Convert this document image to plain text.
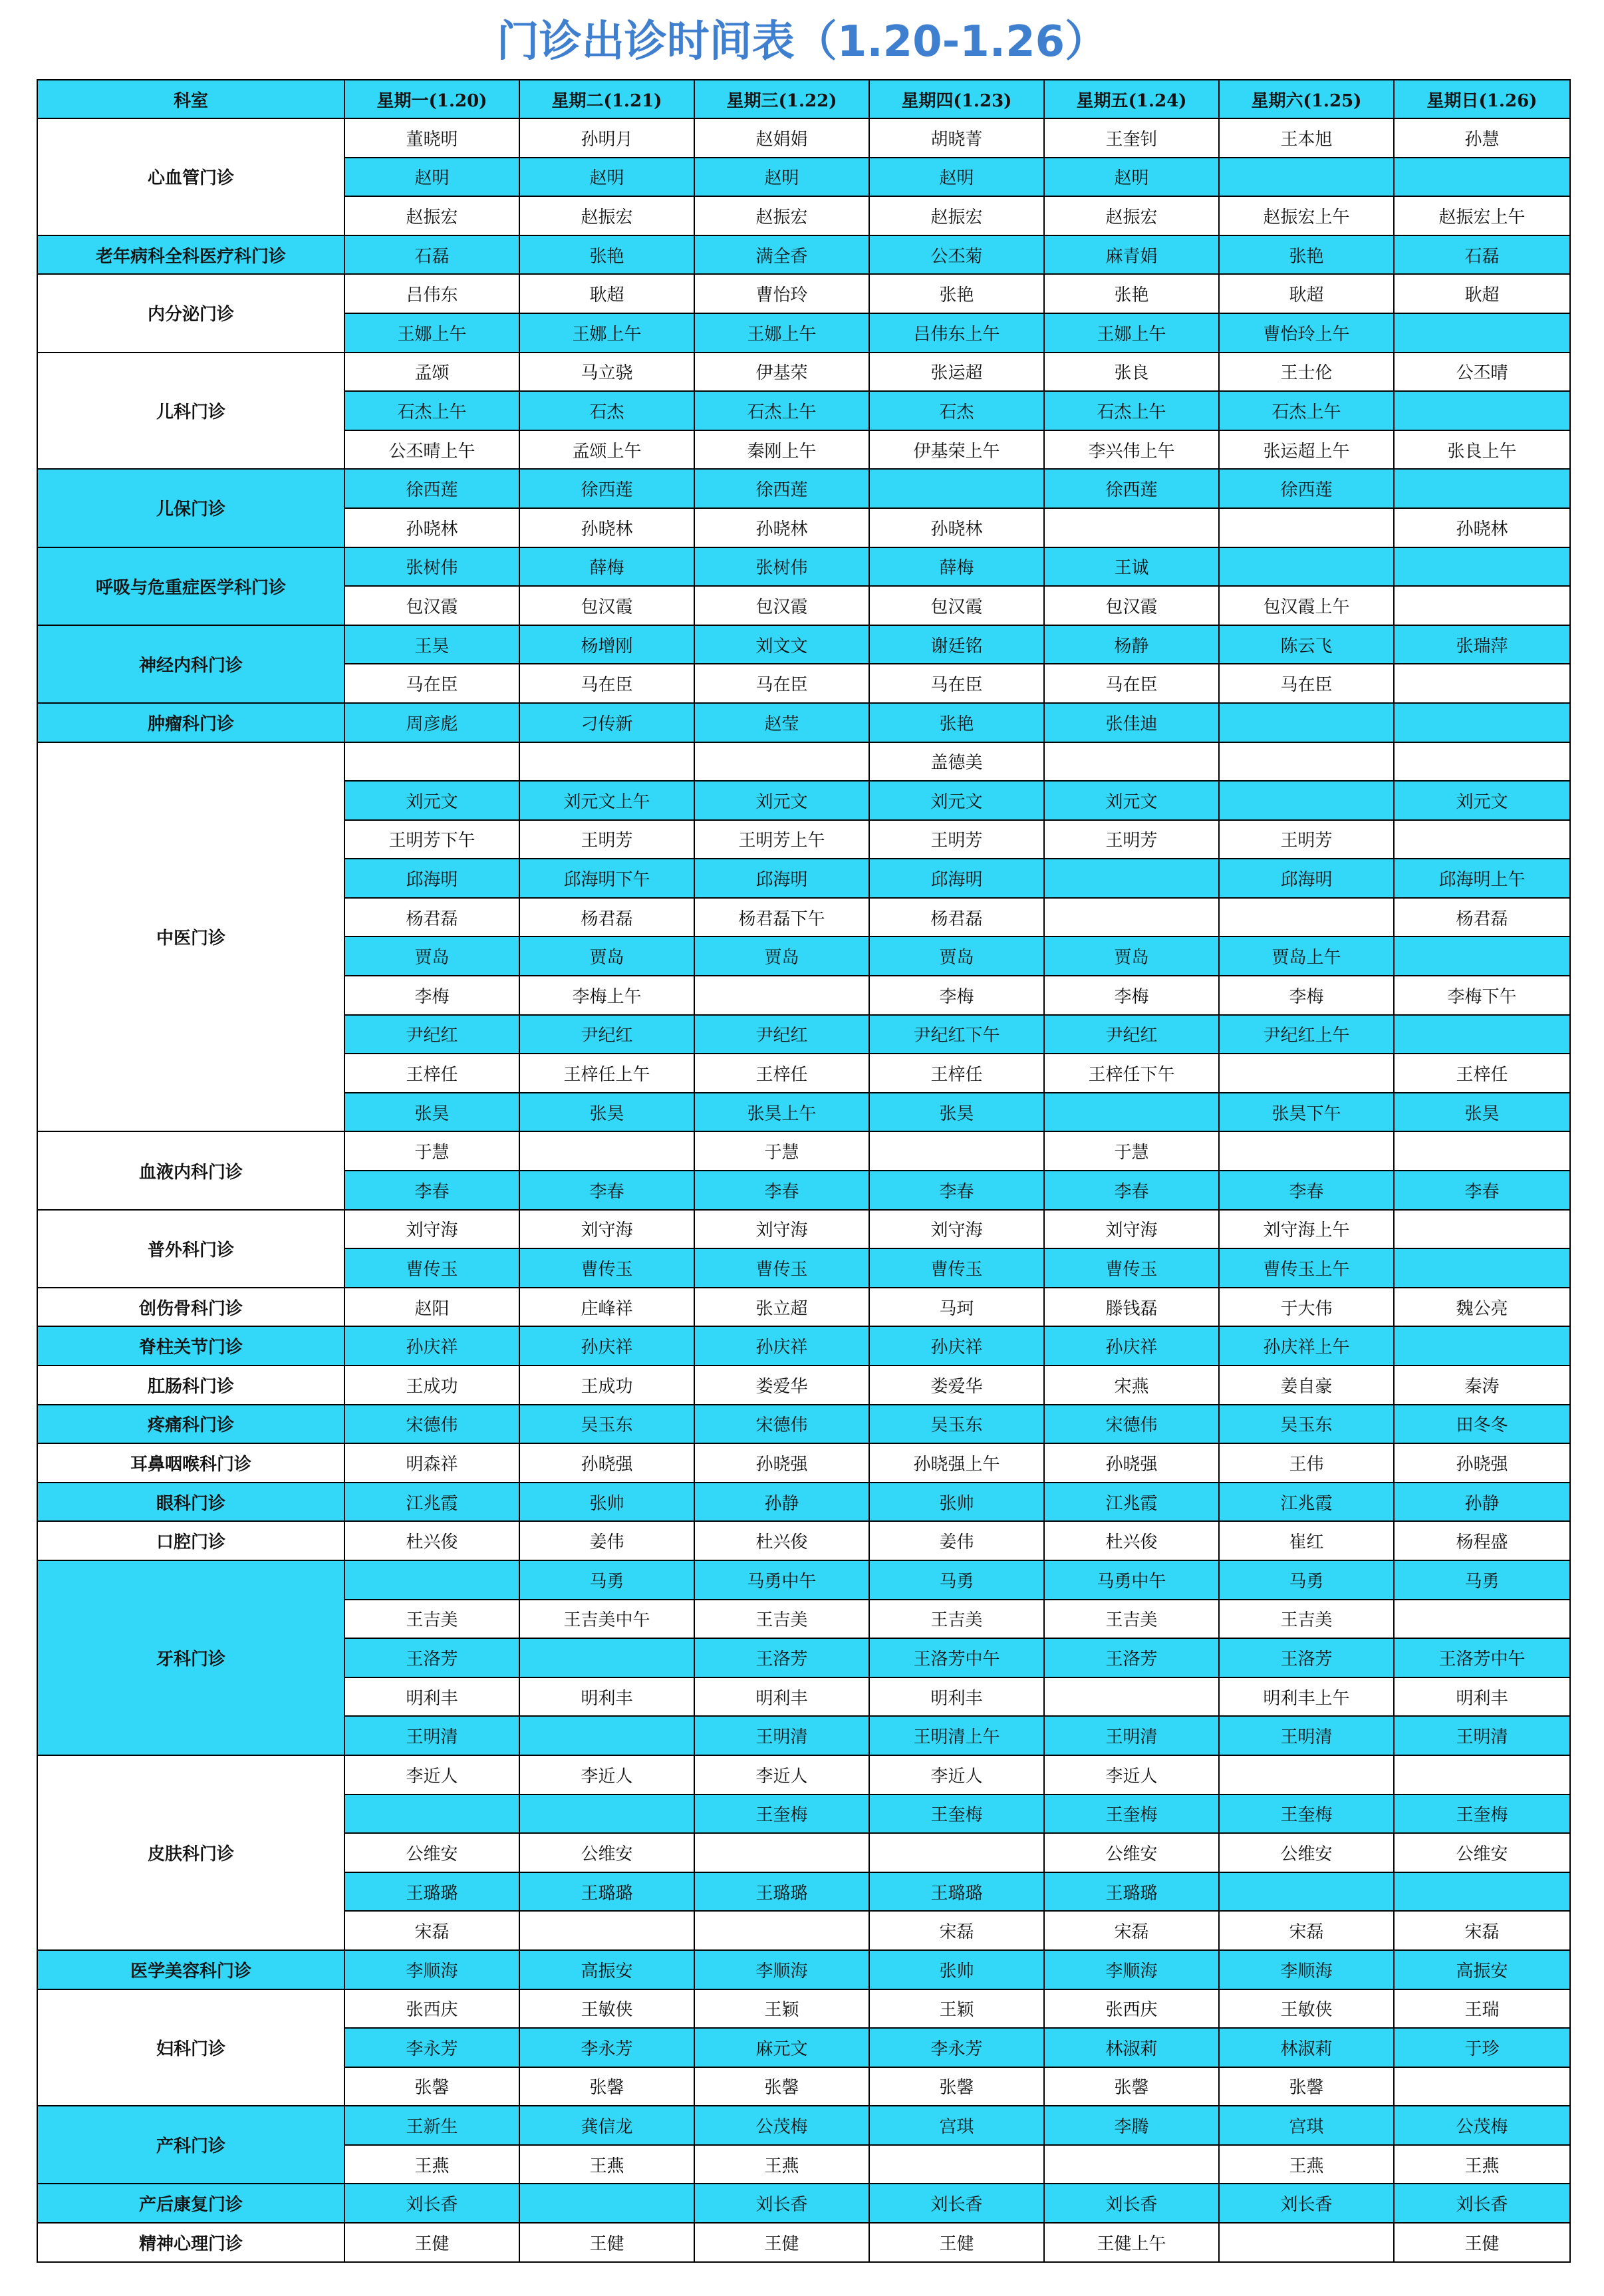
门诊出诊时间表（1.20-1.26）
科室	星期一(1.20)	星期二(1.21)	星期三(1.22)	星期四(1.23)	星期五(1.24)	星期六(1.25)	星期日(1.26)
心血管门诊	董晓明	孙明月	赵娟娟	胡晓菁	王奎钊	王本旭	孙慧
	赵明	赵明	赵明	赵明	赵明		
	赵振宏	赵振宏	赵振宏	赵振宏	赵振宏	赵振宏上午	赵振宏上午
老年病科全科医疗科门诊	石磊	张艳	满全香	公丕菊	麻青娟	张艳	石磊
内分泌门诊	吕伟东	耿超	曹怡玲	张艳	张艳	耿超	耿超
	王娜上午	王娜上午	王娜上午	吕伟东上午	王娜上午	曹怡玲上午	
儿科门诊	孟颂	马立骁	伊基荣	张运超	张良	王士伦	公丕晴
	石杰上午	石杰	石杰上午	石杰	石杰上午	石杰上午	
	公丕晴上午	孟颂上午	秦刚上午	伊基荣上午	李兴伟上午	张运超上午	张良上午
儿保门诊	徐西莲	徐西莲	徐西莲		徐西莲	徐西莲	
	孙晓林	孙晓林	孙晓林	孙晓林			孙晓林
呼吸与危重症医学科门诊	张树伟	薛梅	张树伟	薛梅	王诚		
	包汉霞	包汉霞	包汉霞	包汉霞	包汉霞	包汉霞上午	
神经内科门诊	王昊	杨增刚	刘文文	谢廷铭	杨静	陈云飞	张瑞萍
	马在臣	马在臣	马在臣	马在臣	马在臣	马在臣	
肿瘤科门诊	周彦彪	刁传新	赵莹	张艳	张佳迪		
中医门诊				盖德美			
	刘元文	刘元文上午	刘元文	刘元文	刘元文		刘元文
	王明芳下午	王明芳	王明芳上午	王明芳	王明芳	王明芳	
	邱海明	邱海明下午	邱海明	邱海明		邱海明	邱海明上午
	杨君磊	杨君磊	杨君磊下午	杨君磊			杨君磊
	贾岛	贾岛	贾岛	贾岛	贾岛	贾岛上午	
	李梅	李梅上午		李梅	李梅	李梅	李梅下午
	尹纪红	尹纪红	尹纪红	尹纪红下午	尹纪红	尹纪红上午	
	王梓任	王梓任上午	王梓任	王梓任	王梓任下午		王梓任
	张昊	张昊	张昊上午	张昊		张昊下午	张昊
血液内科门诊	于慧		于慧		于慧		
	李春	李春	李春	李春	李春	李春	李春
普外科门诊	刘守海	刘守海	刘守海	刘守海	刘守海	刘守海上午	
	曹传玉	曹传玉	曹传玉	曹传玉	曹传玉	曹传玉上午	
创伤骨科门诊	赵阳	庄峰祥	张立超	马珂	滕钱磊	于大伟	魏公亮
脊柱关节门诊	孙庆祥	孙庆祥	孙庆祥	孙庆祥	孙庆祥	孙庆祥上午	
肛肠科门诊	王成功	王成功	娄爱华	娄爱华	宋燕	姜自豪	秦涛
疼痛科门诊	宋德伟	吴玉东	宋德伟	吴玉东	宋德伟	吴玉东	田冬冬
耳鼻咽喉科门诊	明森祥	孙晓强	孙晓强	孙晓强上午	孙晓强	王伟	孙晓强
眼科门诊	江兆霞	张帅	孙静	张帅	江兆霞	江兆霞	孙静
口腔门诊	杜兴俊	姜伟	杜兴俊	姜伟	杜兴俊	崔红	杨程盛
牙科门诊		马勇	马勇中午	马勇	马勇中午	马勇	马勇
	王吉美	王吉美中午	王吉美	王吉美	王吉美	王吉美	
	王洛芳		王洛芳	王洛芳中午	王洛芳	王洛芳	王洛芳中午
	明利丰	明利丰	明利丰	明利丰		明利丰上午	明利丰
	王明清		王明清	王明清上午	王明清	王明清	王明清
皮肤科门诊	李近人	李近人	李近人	李近人	李近人		
			王奎梅	王奎梅	王奎梅	王奎梅	王奎梅
	公维安	公维安			公维安	公维安	公维安
	王璐璐	王璐璐	王璐璐	王璐璐	王璐璐		
	宋磊			宋磊	宋磊	宋磊	宋磊
医学美容科门诊	李顺海	高振安	李顺海	张帅	李顺海	李顺海	高振安
妇科门诊	张西庆	王敏侠	王颖	王颖	张西庆	王敏侠	王瑞
	李永芳	李永芳	麻元文	李永芳	林淑莉	林淑莉	于珍
	张馨	张馨	张馨	张馨	张馨	张馨	
产科门诊	王新生	龚信龙	公茂梅	宫琪	李腾	宫琪	公茂梅
	王燕	王燕	王燕			王燕	王燕
产后康复门诊	刘长香		刘长香	刘长香	刘长香	刘长香	刘长香
精神心理门诊	王健	王健	王健	王健	王健上午		王健
